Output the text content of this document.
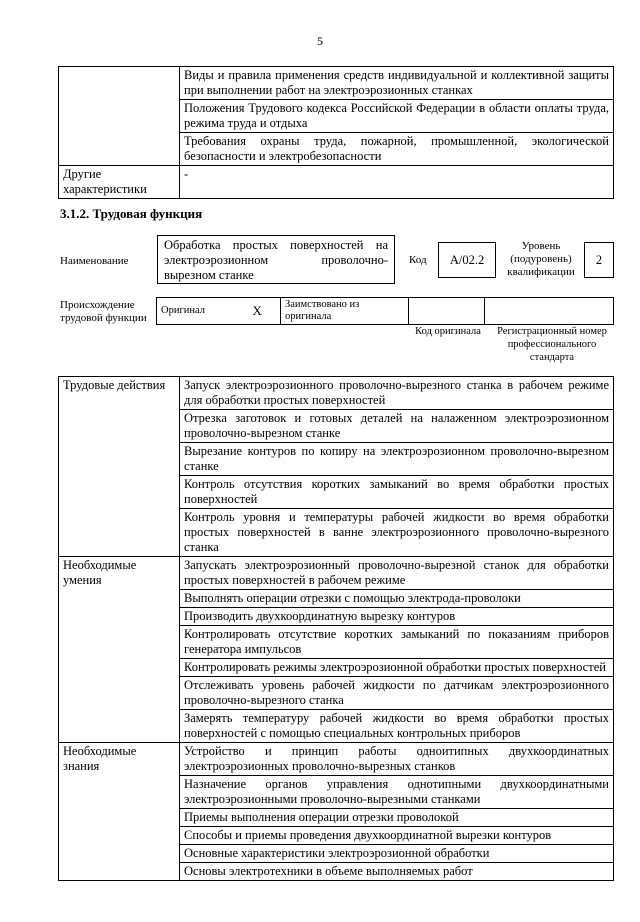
5
	Виды и правила применения средств индивидуальной и коллективной защиты при выполнении работ на электроэрозионных станках
	Положения Трудового кодекса Российской Федерации в области оплаты труда, режима труда и отдыха
	Требования охраны труда, пожарной, промышленной, экологической безопасности и электробезопасности
Другие характеристики	-
3.1.2. Трудовая функция
Наименование
Обработка простых поверхностей на электроэрозионном проволочно-вырезном станке
Код	А/02.2
Уровень (подуровень) квалификации
2
Происхождение трудовой функции
Оригинал	X	Заимствовано из оригинала		
Код оригинала	Регистрационный номер профессионального стандарта
Трудовые действия	Запуск электроэрозионного проволочно-вырезного станка в рабочем режиме для обработки простых поверхностей
	Отрезка заготовок и готовых деталей на налаженном электроэрозионном проволочно-вырезном станке
	Вырезание контуров по копиру на электроэрозионном проволочно-вырезном станке
	Контроль отсутствия коротких замыканий во время обработки простых поверхностей
	Контроль уровня и температуры рабочей жидкости во время обработки простых поверхностей в ванне электроэрозионного проволочно-вырезного станка
Необходимые умения	Запускать электроэрозионный проволочно-вырезной станок для обработки простых поверхностей в рабочем режиме
	Выполнять операции отрезки с помощью электрода-проволоки
	Производить двухкоординатную вырезку контуров
	Контролировать отсутствие коротких замыканий по показаниям приборов генератора импульсов
	Контролировать режимы электроэрозионной обработки простых поверхностей
	Отслеживать уровень рабочей жидкости по датчикам электроэрозионного проволочно-вырезного станка
	Замерять температуру рабочей жидкости во время обработки простых поверхностей с помощью специальных контрольных приборов
Необходимые знания	Устройство и принцип работы одноитипных двухкоординатных электроэрозионных проволочно-вырезных станков
	Назначение органов управления однотипными двухкоординатными электроэрозионными проволочно-вырезными станками
	Приемы выполнения операции отрезки проволокой
	Способы и приемы проведения двухкоординатной вырезки контуров
	Основные характеристики электроэрозионной обработки
	Основы электротехники в объеме выполняемых работ
